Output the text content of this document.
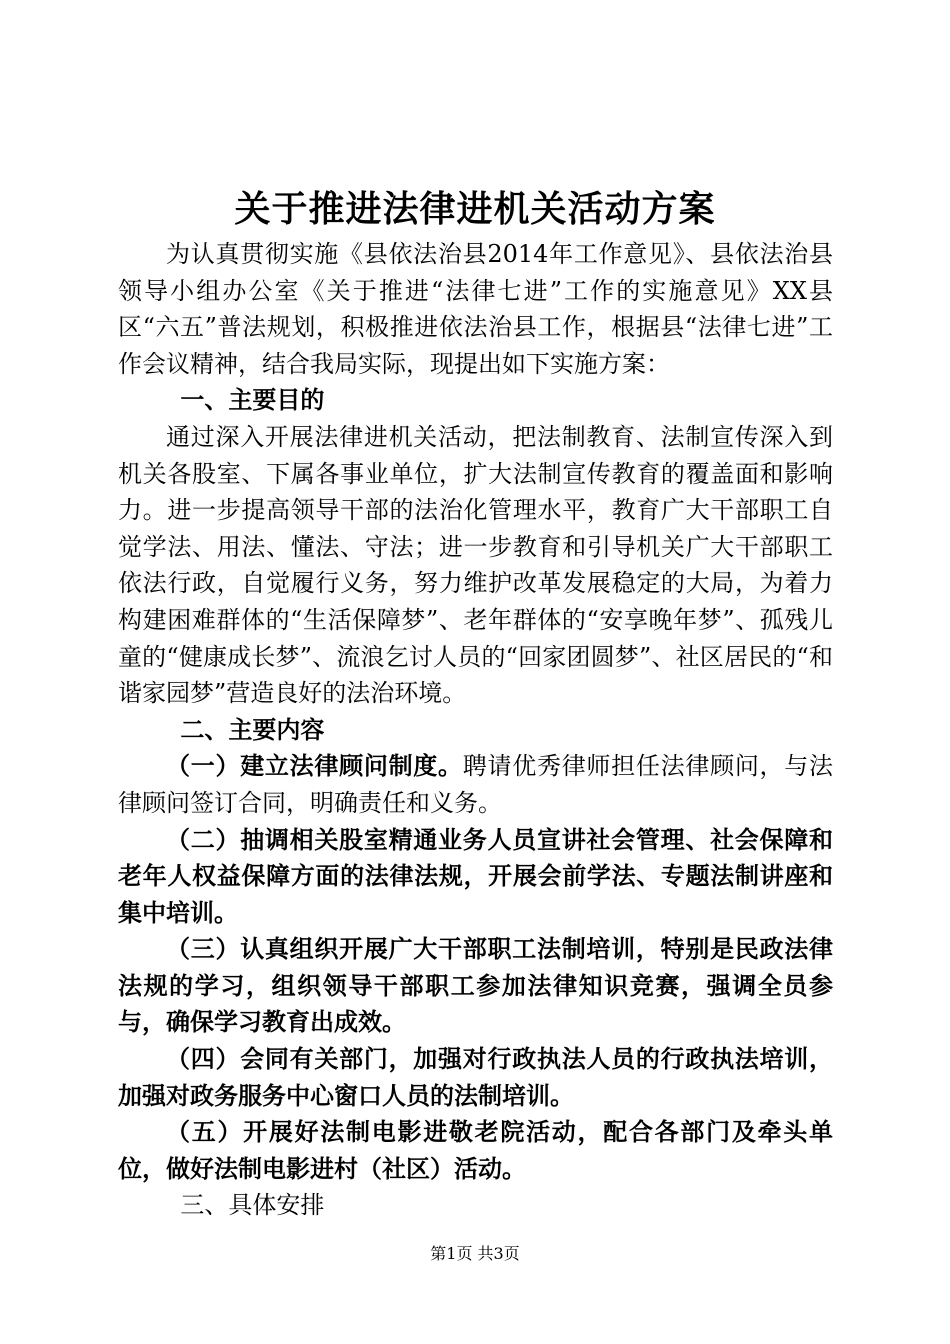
关于推进法律进机关活动方案

为认真贯彻实施《县依法治县2014年工作意见》、县依法治县领导小组办公室《关于推进“法律七进”工作的实施意见》XX县区“六五”普法规划，积极推进依法治县工作，根据县“法律七进”工作会议精神，结合我局实际，现提出如下实施方案：

一、主要目的

通过深入开展法律进机关活动，把法制教育、法制宣传深入到机关各股室、下属各事业单位，扩大法制宣传教育的覆盖面和影响力。进一步提高领导干部的法治化管理水平，教育广大干部职工自觉学法、用法、懂法、守法；进一步教育和引导机关广大干部职工依法行政，自觉履行义务，努力维护改革发展稳定的大局，为着力构建困难群体的“生活保障梦”、老年群体的“安享晚年梦”、孤残儿童的“健康成长梦”、流浪乞讨人员的“回家团圆梦”、社区居民的“和谐家园梦”营造良好的法治环境。

二、主要内容

（一）建立法律顾问制度。聘请优秀律师担任法律顾问，与法律顾问签订合同，明确责任和义务。

（二）抽调相关股室精通业务人员宣讲社会管理、社会保障和老年人权益保障方面的法律法规，开展会前学法、专题法制讲座和集中培训。

（三）认真组织开展广大干部职工法制培训，特别是民政法律法规的学习，组织领导干部职工参加法律知识竞赛，强调全员参与，确保学习教育出成效。

（四）会同有关部门，加强对行政执法人员的行政执法培训，加强对政务服务中心窗口人员的法制培训。

（五）开展好法制电影进敬老院活动，配合各部门及牵头单位，做好法制电影进村（社区）活动。

三、具体安排

第1页 共3页
